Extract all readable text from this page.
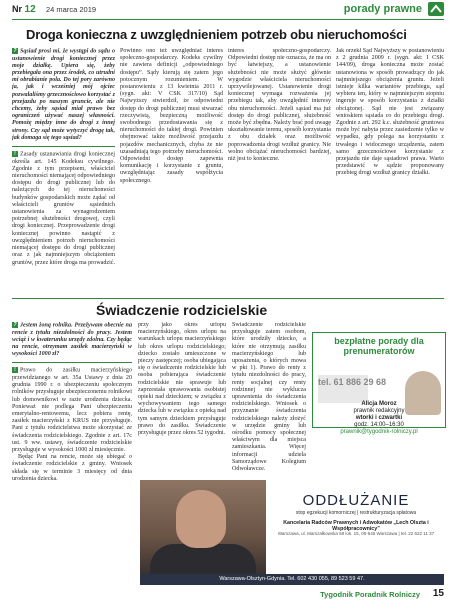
Nr 12 24 marca 2019	porady prawne
Droga konieczna z uwzględnieniem potrzeb obu nieruchomości
? Sąsiad prosi mi, że wystąpi do sądu o ustanowienie drogi koniecznej przez moje działkę. Upiera się, żeby przebiegała ona przez środek, co utrudni mi obrabianie pola. Do tej pory zarówno ja, jak i wcześniej mój ojciec pozwalaliśmy grzecznościowo korzystać z przejazdu po naszym gruncie, ale nie chcemy, żeby sąsiad miał prawo bez ograniczeń używać naszej własności. Pomożę między inne do drogi z innej strony. Czy sąd może wytyczyć drogę tak, jak domaga się tego sąsiad?
! Zasady ustanawiania drogi koniecznej określa art. 145 Kodeksu cywilnego. Zgodnie z tym przepisem, właściciel nieruchomości niemającej odpowiedniego dostępu do drogi publicznej lub do należących do tej nieruchomości budynków gospodarskich może żądać od właścicieli gruntów sąsiednich ustanowienia za wynagrodzeniem potrzebnej służebności drogowej, czyli drogi koniecznej. Przeprowadzenie drogi koniecznej powinno nastąpić z uwzględnieniem potrzeb nieruchomości niemającej dostępu do drogi publicznej oraz z jak najmniejszym obciążeniem gruntów, przez które droga ma prowadzić.
Powinno ono też uwzględniać interes społeczno-gospodarczy. Kodeks cywilny nie zawiera definicji „odpowiedniego dostępu”. Sądy kierują się zatem jego potocznym rozumieniem. W postanowieniu z 13 kwietnia 2011 r. (sygn. akt: V CSK 317/10) Sąd Najwyższy stwierdził, że odpowiedni dostęp do drogi publicznej musi stwarzać rzeczywistą, bezpieczną możliwość swobodnego przedostawania się z nieruchomości do takiej drogi. Powinien obejmować także możliwość przejazdu pojazdów mechanicznych, chyba że nie uzasadniają tego potrzeby nieruchomości. Odpowiedni dostęp zapewnia komunikację i korzystanie z gruntu, uwzględniając zasady współżycia społecznego.
interes społeczno-gospodarczy. Odpowiedni dostęp nie oznacza, że ma on być łatwiejszy, a ustanowienie służebności nie może służyć głównie wygodzie właściciela nieruchomości uprzywilejowanej. Ustanowienie drogi koniecznej wymaga rozważenia jej przebiegu tak, aby uwzględnić interesy obu nieruchomości. Jeżeli sąsiad ma już dostęp do drogi publicznej, służebność może być zbędna. Należy brać pod uwagę ukształtowanie terenu, sposób korzystania z obu działek oraz możliwość poprowadzenia drogi wzdłuż granicy. Nie wolno obciążać nieruchomości bardziej, niż jest to konieczne.
Jak orzekł Sąd Najwyższy w postanowieniu z 2 grudnia 2009 r. (sygn. akt: I CSK 144/09), droga konieczna może zostać ustanowiona w sposób prowadzący do jak najmniejszego obciążenia gruntu. Jeżeli istnieje kilka wariantów przebiegu, sąd wybiera ten, który w najmniejszym stopniu ingeruje w sposób korzystania z działki obciążonej. Sąd nie jest związany wnioskiem sąsiada co do przebiegu drogi. Zgodnie z art. 292 k.c. służebność gruntowa może być nabyta przez zasiedzenie tylko w wypadku, gdy polega na korzystaniu z trwałego i widocznego urządzenia, zatem samo grzecznościowe korzystanie z przejazdu nie daje sąsiadowi prawa. Warto przedstawić w sądzie proponowany przebieg drogi wzdłuż granicy działki.
Świadczenie rodzicielskie
? Jestem żoną rolnika. Przeżywam obecnie na rencie z tytułu niezdolności do pracy. Jestem wciąż i w kwaterunku urzędy zdolna. Czy będąc na rencie, otrzymam zasiłek macierzyński w wysokości 1000 zł?
! Prawo do zasiłku macierzyńskiego przewidzianego w art. 35a Ustawy z dnia 20 grudnia 1990 r. o ubezpieczeniu społecznym rolników przysługuje ubezpieczonemu rolnikowi lub domownikowi w razie urodzenia dziecka. Ponieważ nie podlega Pani ubezpieczeniu emerytalno-rentowemu, lecz pobiera rentę, zasiłek macierzyński z KRUS nie przysługuje. Pani z tytułu rodzicielstwa może skorzystać ze świadczenia rodzicielskiego. Zgodnie z art. 17c ust. 9 ww. ustawy, świadczenie rodzicielskie przysługuje w wysokości 1000 zł miesięcznie.

Będąc Pani na rencie, może się ubiegać o świadczenie rodzicielskie z gminy. Wniosek składa się w terminie 3 miesięcy od dnia urodzenia dziecka.

przy jako okres urlopu macierzyńskiego, okres urlopu na warunkach urlopu macierzyńskiego lub okres urlopu rodzicielskiego; dziecko zostało umieszczone w pieczy zastępczej; osoba ubiegająca się o świadczenie rodzicielskie lub osoba pobierająca świadczenie rodzicielskie nie sprawuje lub zaprzestała sprawowania osobistej opieki nad dzieckiem; w związku z wychowywaniem tego samego dziecka lub w związku z opieką nad tym samym dzieckiem przysługuje prawo do zasiłku. Świadczenie przysługuje przez okres 52 tygodni.
Świadczenie rodzicielskie przysługuje zatem osobom, które urodziły dziecko, a które nie otrzymują zasiłku macierzyńskiego lub uposażenia, o których mowa w pkt 1). Prawo do renty z tytułu niezdolności do pracy, renty socjalnej czy renty rodzinnej nie wyklucza uprawnienia do świadczenia rodzicielskiego. Wniosek o przyznanie świadczenia rodzicielskiego należy złożyć w urzędzie gminy lub ośrodku pomocy społecznej właściwym dla miejsca zamieszkania. Więcej informacji udziela Samorządowe Kolegium Odwoławcze.
bezpłatne porady dla prenumeratorów
tel. 61 886 29 68
Alicja Moroz
prawnik redakcyjny
wtorki i czwartki
godz. 14:00–16:30
prawnik@tygodnik-rolniczy.pl
ODDŁUŻANIE
stop egzekucji komorniczej | restrukturyzacja spłatowa
Kancelaria Radców Prawnych i Adwokatów „Lech Olszta i Współpracownicy”
Warszawa, ul. Marszałkowska 58 lok. 15, 00-545 Warszawa | tel. 22 622 11 37
Warszawa-Olsztyn-Gdynia. Tel. 602 430 055, 89 523 59 47.
Tygodnik Poradnik Rolniczy 15
